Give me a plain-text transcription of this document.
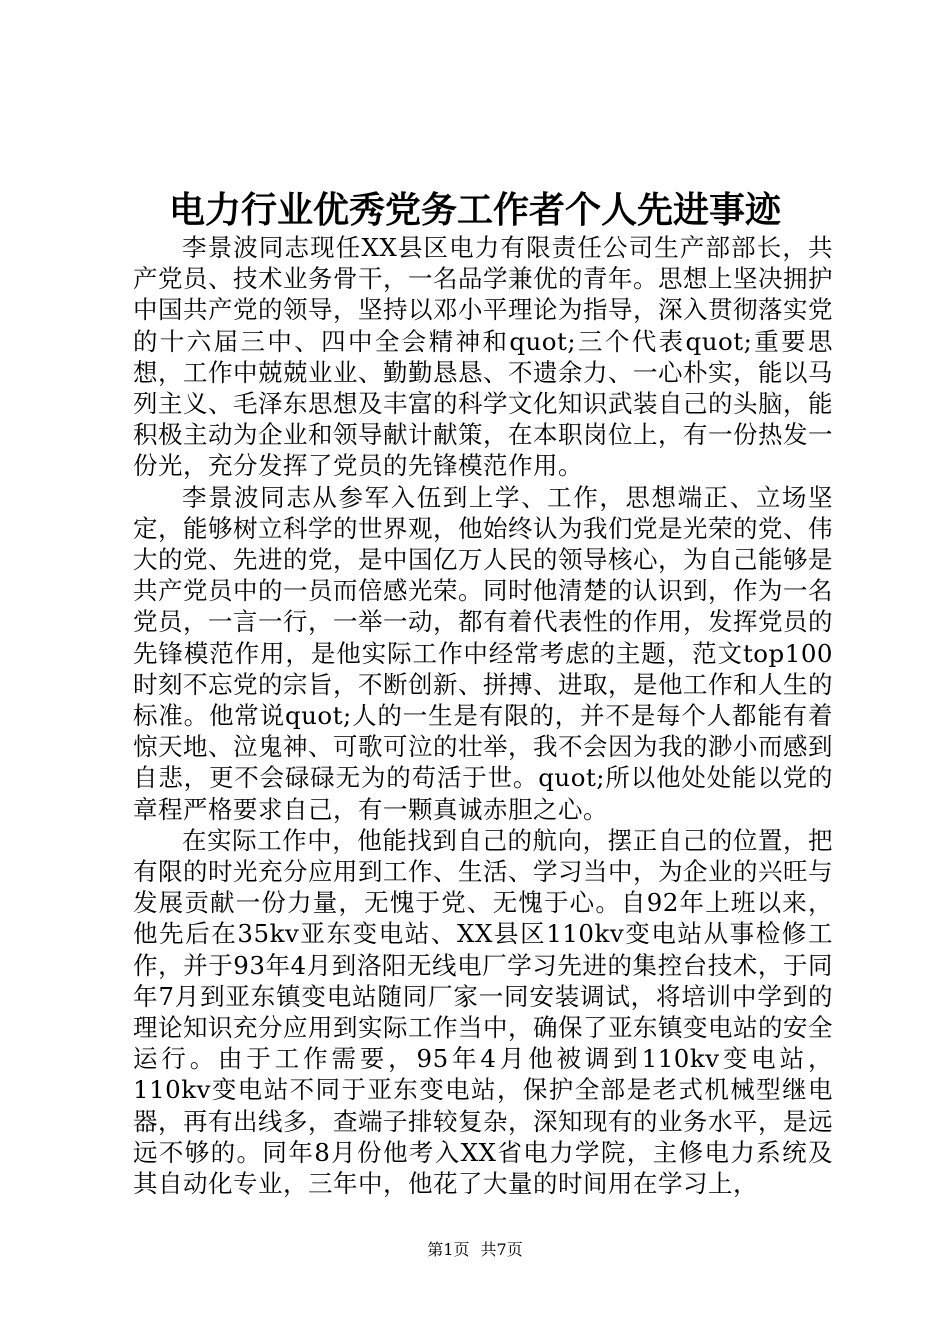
电力行业优秀党务工作者个人先进事迹

李景波同志现任XX县区电力有限责任公司生产部部长，共产党员、技术业务骨干，一名品学兼优的青年。思想上坚决拥护中国共产党的领导，坚持以邓小平理论为指导，深入贯彻落实党的十六届三中、四中全会精神和quot;三个代表quot;重要思想，工作中兢兢业业、勤勤恳恳、不遗余力、一心朴实，能以马列主义、毛泽东思想及丰富的科学文化知识武装自己的头脑，能积极主动为企业和领导献计献策，在本职岗位上，有一份热发一份光，充分发挥了党员的先锋模范作用。

李景波同志从参军入伍到上学、工作，思想端正、立场坚定，能够树立科学的世界观，他始终认为我们党是光荣的党、伟大的党、先进的党，是中国亿万人民的领导核心，为自己能够是共产党员中的一员而倍感光荣。同时他清楚的认识到，作为一名党员，一言一行，一举一动，都有着代表性的作用，发挥党员的先锋模范作用，是他实际工作中经常考虑的主题，范文top100时刻不忘党的宗旨，不断创新、拼搏、进取，是他工作和人生的标准。他常说quot;人的一生是有限的，并不是每个人都能有着惊天地、泣鬼神、可歌可泣的壮举，我不会因为我的渺小而感到自悲，更不会碌碌无为的苟活于世。quot;所以他处处能以党的章程严格要求自己，有一颗真诚赤胆之心。

在实际工作中，他能找到自己的航向，摆正自己的位置，把有限的时光充分应用到工作、生活、学习当中，为企业的兴旺与发展贡献一份力量，无愧于党、无愧于心。自92年上班以来，他先后在35kv亚东变电站、XX县区110kv变电站从事检修工作，并于93年4月到洛阳无线电厂学习先进的集控台技术，于同年7月到亚东镇变电站随同厂家一同安装调试，将培训中学到的理论知识充分应用到实际工作当中，确保了亚东镇变电站的安全运行。由于工作需要，95年4月他被调到110kv变电站，110kv变电站不同于亚东变电站，保护全部是老式机械型继电器，再有出线多，查端子排较复杂，深知现有的业务水平，是远远不够的。同年8月份他考入XX省电力学院，主修电力系统及其自动化专业，三年中，他花了大量的时间用在学习上，

第1页 共7页
